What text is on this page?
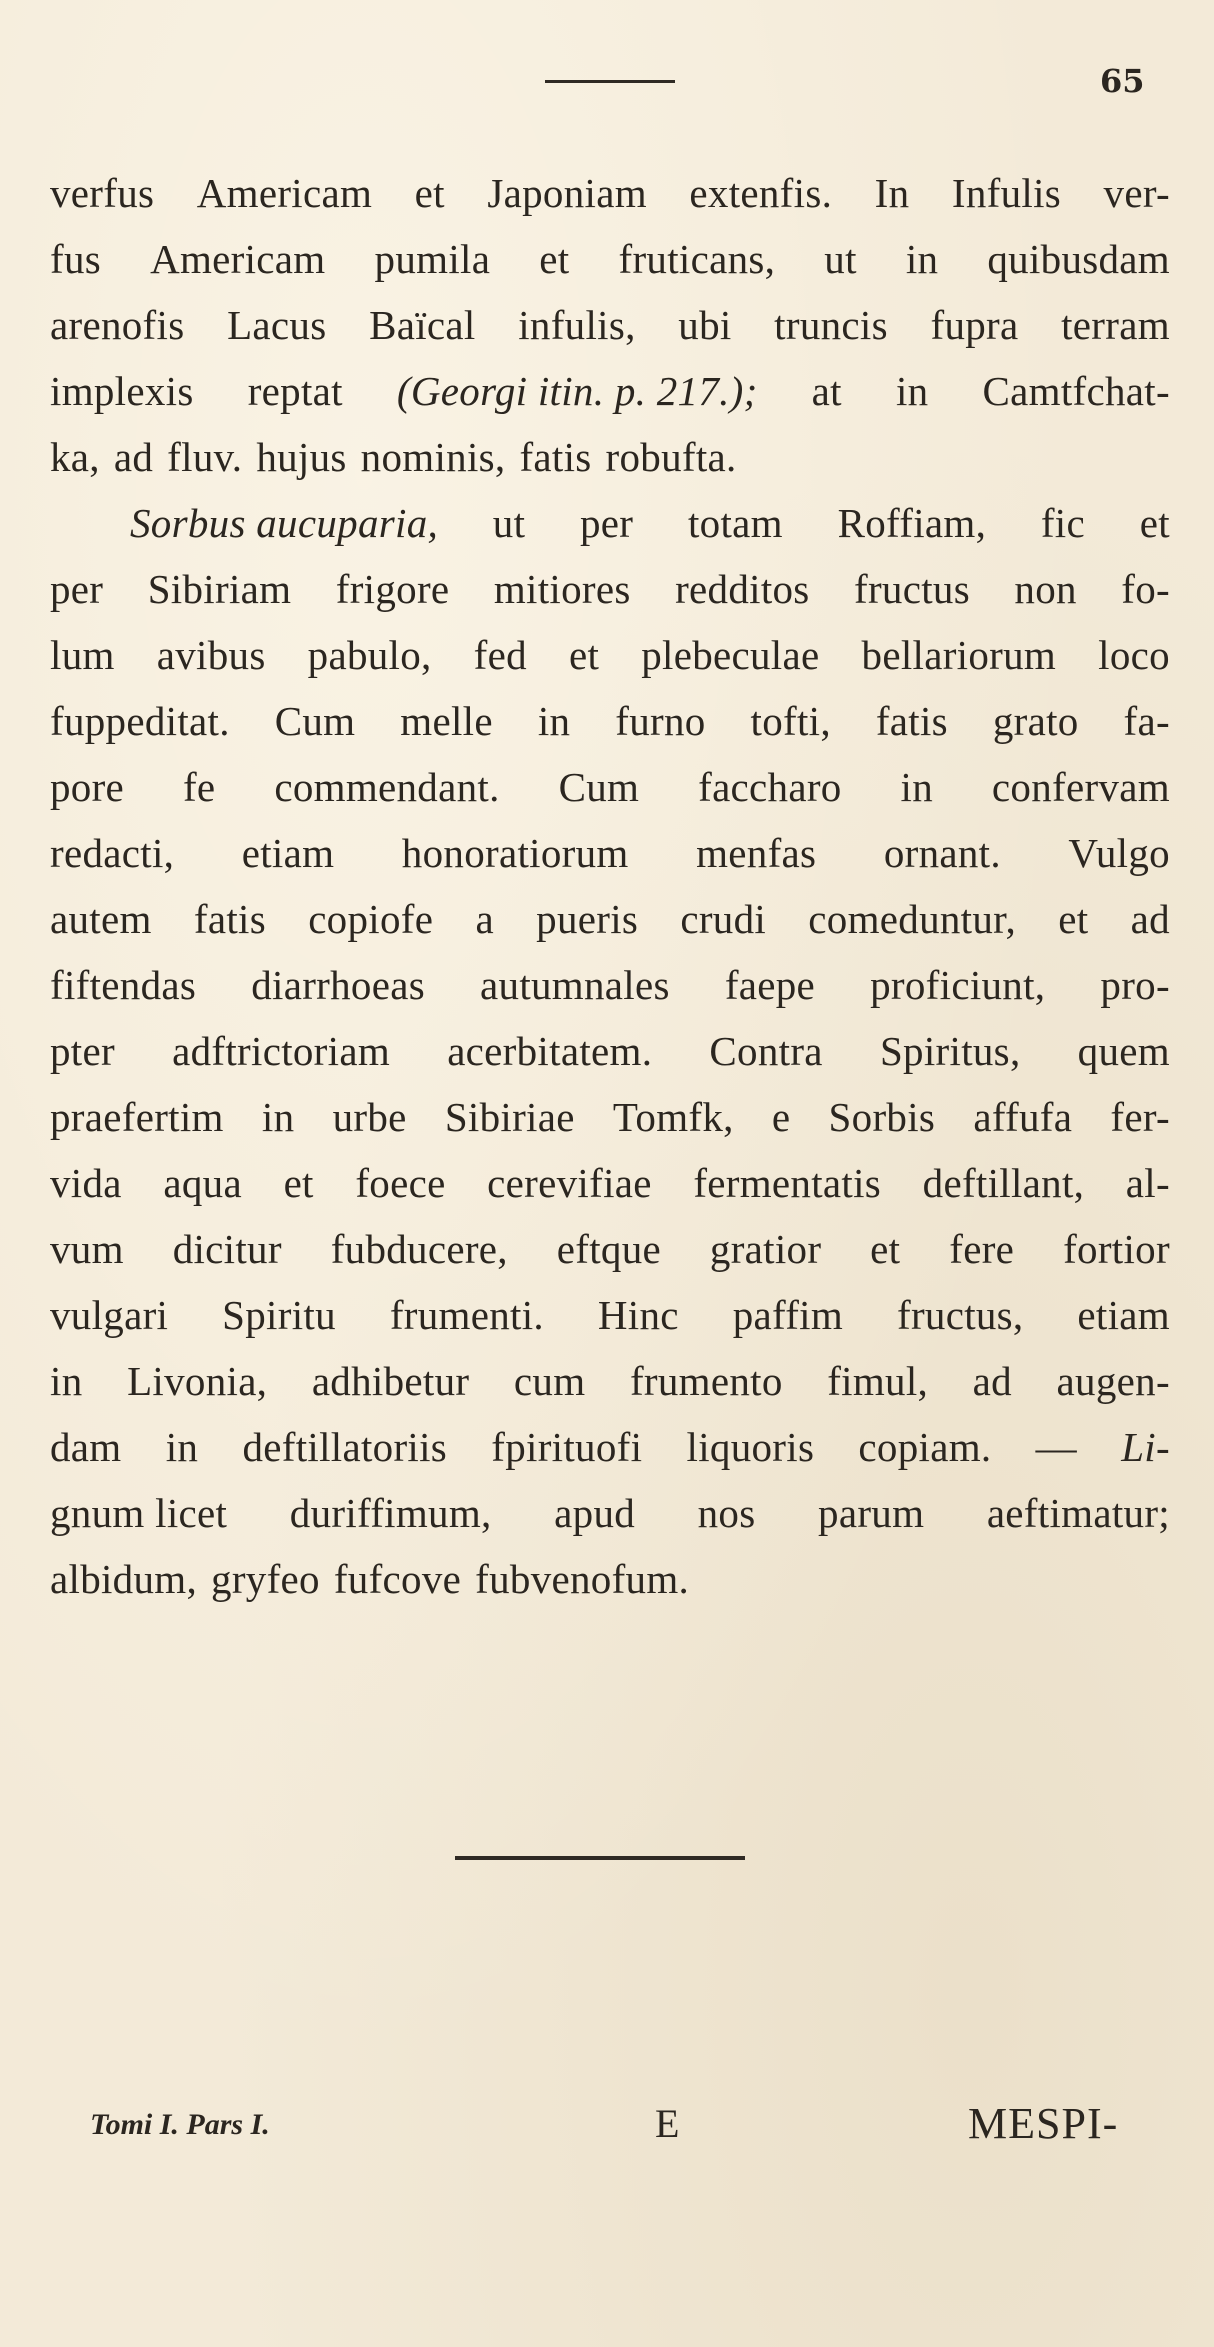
65
verfus Americam et Japoniam extenfis. In Infulis ver-
fus Americam pumila et fruticans, ut in quibusdam
arenofis Lacus Baïcal infulis, ubi truncis fupra terram
implexis reptat (Georgi itin. p. 217.); at in Camtfchat-
ka, ad fluv. hujus nominis, fatis robufta.
Sorbus aucuparia, ut per totam Roffiam, fic et
per Sibiriam frigore mitiores redditos fructus non fo-
lum avibus pabulo, fed et plebeculae bellariorum loco
fuppeditat. Cum melle in furno tofti, fatis grato fa-
pore fe commendant. Cum faccharo in confervam
redacti, etiam honoratiorum menfas ornant. Vulgo
autem fatis copiofe a pueris crudi comeduntur, et ad
fiftendas diarrhoeas autumnales faepe proficiunt, pro-
pter adftrictoriam acerbitatem. Contra Spiritus, quem
praefertim in urbe Sibiriae Tomfk, e Sorbis affufa fer-
vida aqua et foece cerevifiae fermentatis deftillant, al-
vum dicitur fubducere, eftque gratior et fere fortior
vulgari Spiritu frumenti. Hinc paffim fructus, etiam
in Livonia, adhibetur cum frumento fimul, ad augen-
dam in deftillatoriis fpirituofi liquoris copiam. — Li-
gnum licet duriffimum, apud nos parum aeftimatur;
albidum, gryfeo fufcove fubvenofum.
Tomi I. Pars I.	E	MESPI-
